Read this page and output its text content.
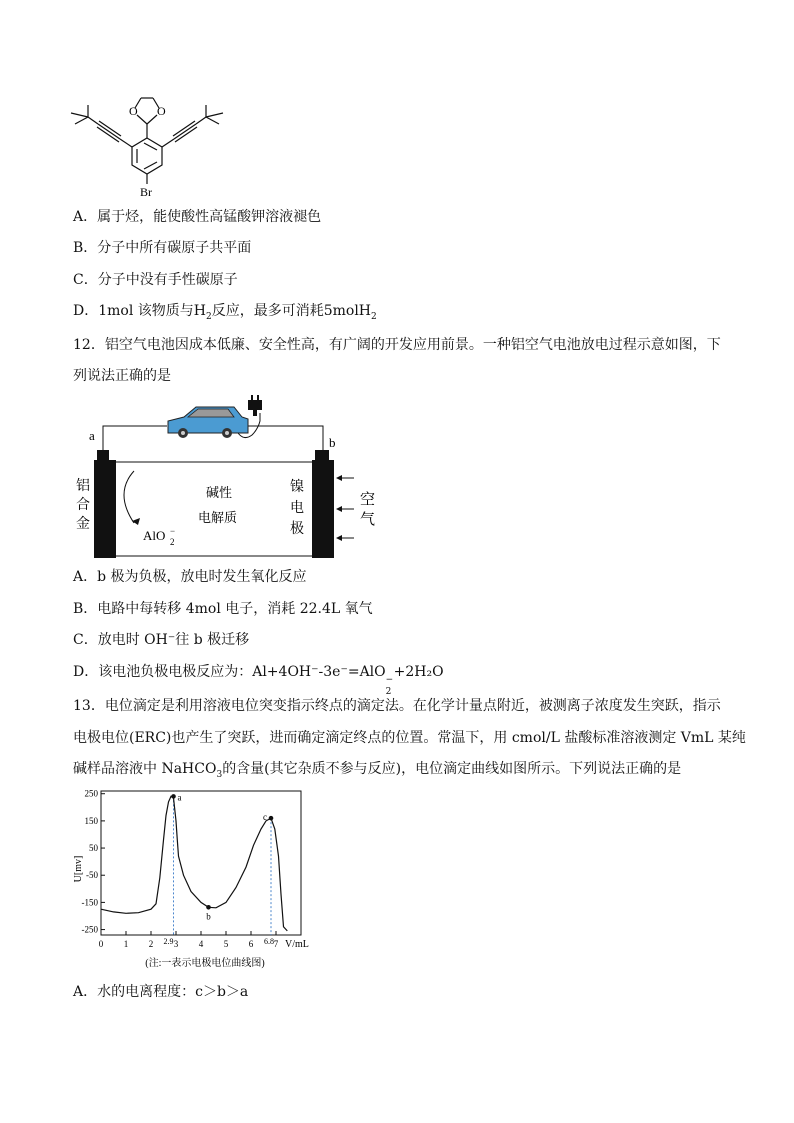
O O
Br
A．属于烃，能使酸性高锰酸钾溶液褪色
B．分子中所有碳原子共平面
C．分子中没有手性碳原子
D．1mol 该物质与$H_2$反应，最多可消耗5molH$_2$
12．铝空气电池因成本低廉、安全性高，有广阔的开发应用前景。一种铝空气电池放电过程示意如图，下
列说法正确的是
a	b
铝
合
金
碱性
电解质
AlO 2
−
镍
电
极
空
气
A．b 极为负极，放电时发生氧化反应
B．电路中每转移 4mol 电子，消耗 22.4L 氧气
C．放电时 OH⁻往 b 极迁移
D．该电池负极电极反应为：Al+4OH⁻-3e⁻=AlO −
2
+2H₂O
13．电位滴定是利用溶液电位突变指示终点的滴定法。在化学计量点附近，被测离子浓度发生突跃，指示
电极电位(ERC)也产生了突跃，进而确定滴定终点的位置。常温下，用 cmol/L 盐酸标准溶液测定 VmL 某纯
碱样品溶液中 NaHCO$_3$的含量(其它杂质不参与反应)，电位滴定曲线如图所示。下列说法正确的是
U[mv]
V/mL
(注:一表示电极电位曲线图)
250
150
50
-50
-150
-250
0 1 2 3 4 5 6 7
2.9	6.8
a
b
c
A．水的电离程度：c＞b＞a
